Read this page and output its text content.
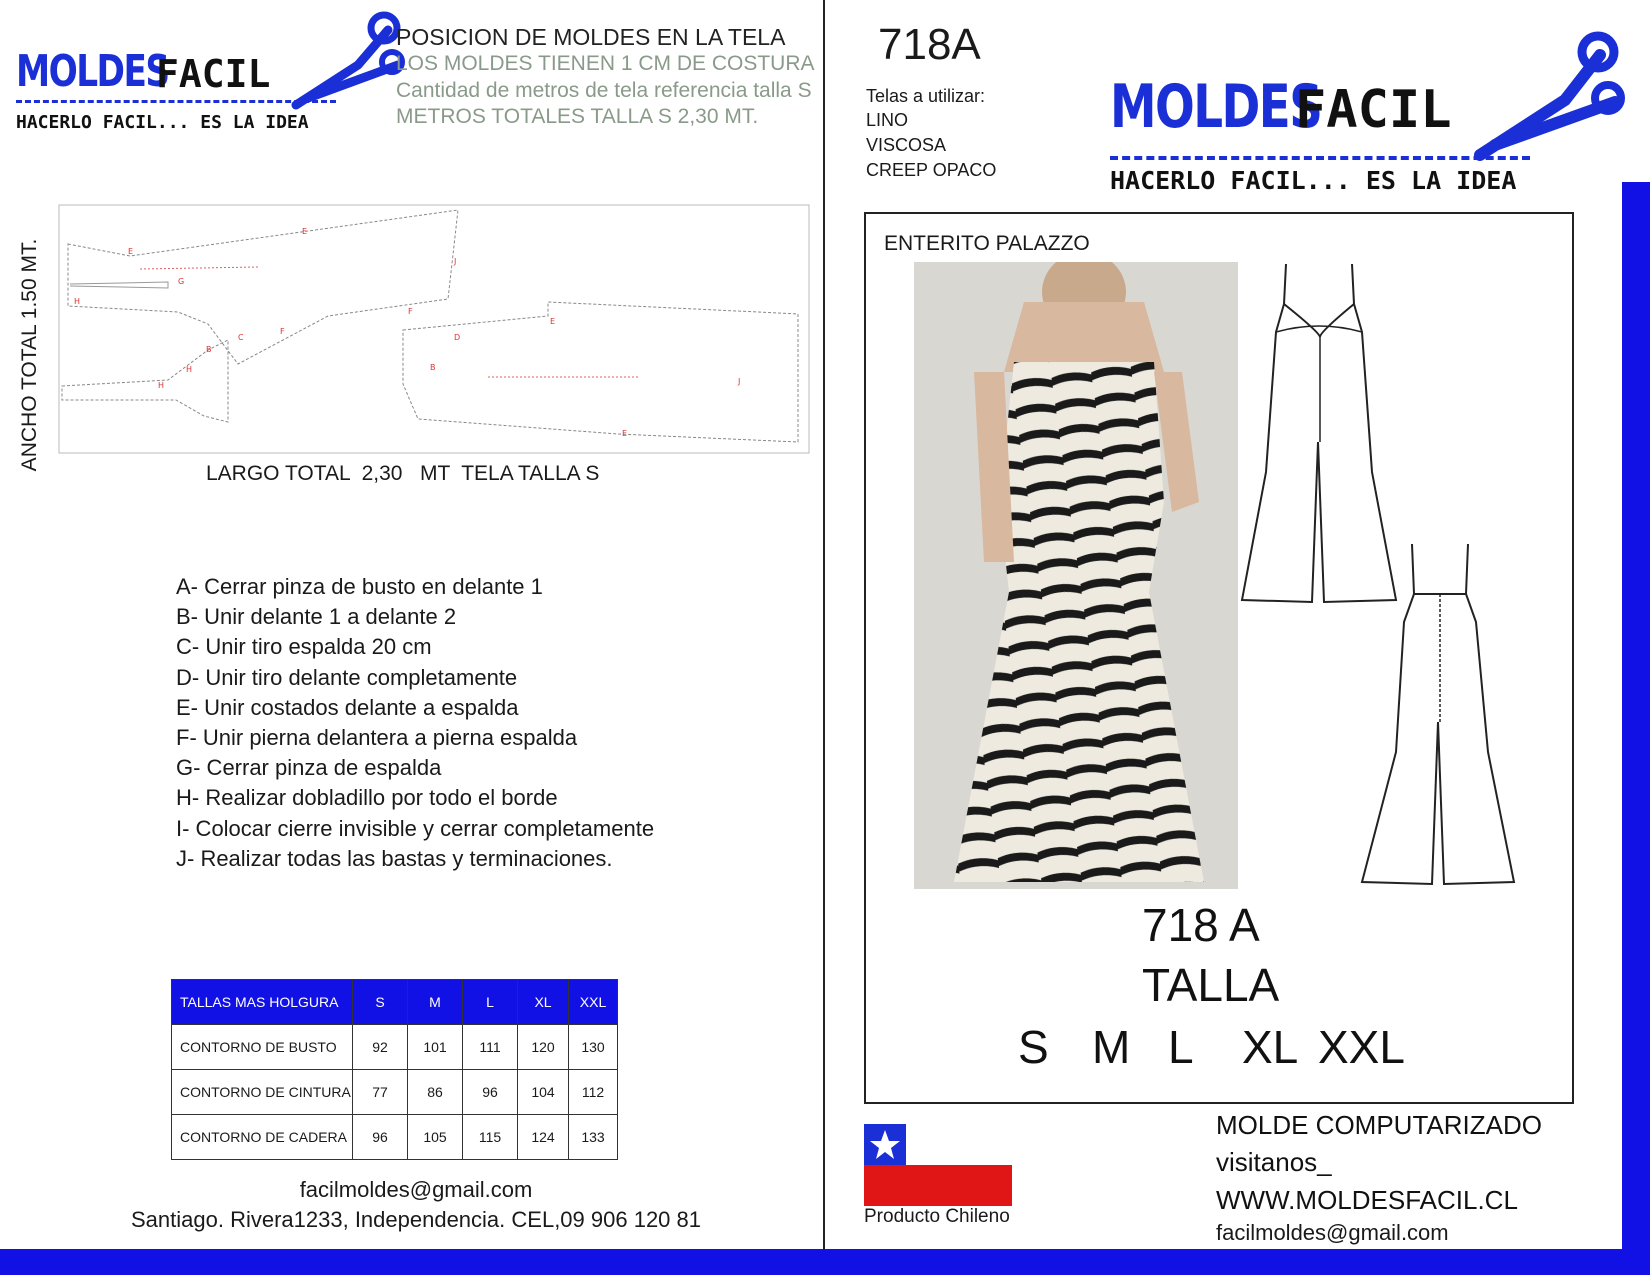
MOLDES
FACIL
HACERLO FACIL... ES LA IDEA
POSICION DE MOLDES EN LA TELA
LOS MOLDES TIENEN 1 CM DE COSTURA
Cantidad de metros de tela referencia talla S
METROS TOTALES TALLA S 2,30 MT.
ANCHO TOTAL 1.50 MT.	E
E
J
H
G
C
F
F
H
H
B
B
D
E
J
E
LARGO TOTAL  2,30   MT  TELA TALLA S
A- Cerrar pinza de busto en delante 1
B- Unir delante 1 a delante 2
C- Unir tiro espalda 20 cm
D- Unir tiro delante completamente
E- Unir costados delante a espalda
F- Unir pierna delantera a pierna espalda
G- Cerrar pinza de espalda
H- Realizar dobladillo por todo el borde
I- Colocar cierre invisible y cerrar completamente
J- Realizar todas las bastas y terminaciones.
TALLAS MAS HOLGURA	S	M	L	XL	XXL
CONTORNO DE BUSTO	92	101	111	120	130
CONTORNO DE CINTURA	77	86	96	104	112
CONTORNO DE CADERA	96	105	115	124	133
facilmoldes@gmail.com
Santiago. Rivera1233, Independencia. CEL,09 906 120 81
718A
Telas a utilizar:
LINO
VISCOSA
CREEP OPACO
MOLDES
FACIL
HACERLO FACIL... ES LA IDEA
ENTERITO PALAZZO
718 A
TALLA
S M L XL XXL
Producto Chileno
MOLDE COMPUTARIZADO
visitanos_
WWW.MOLDESFACIL.CL
facilmoldes@gmail.com
